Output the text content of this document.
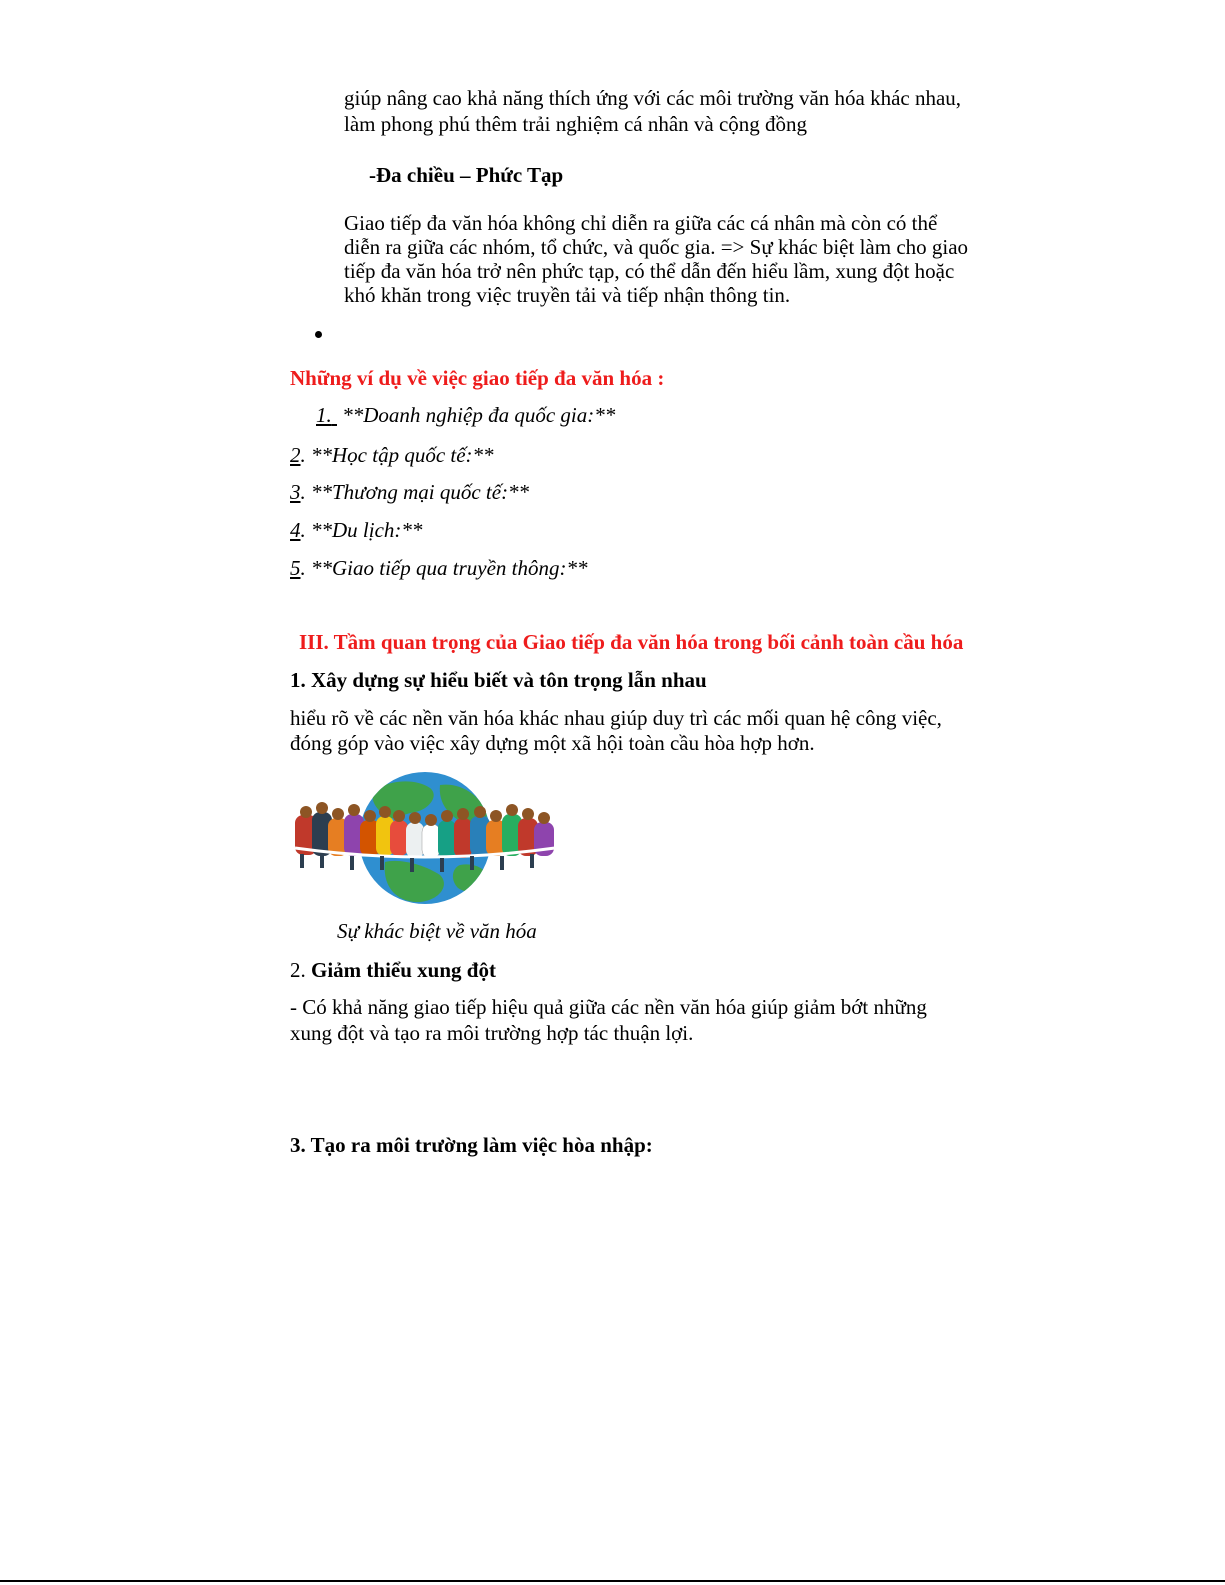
giúp nâng cao khả năng thích ứng với các môi trường văn hóa khác nhau,

làm phong phú thêm trải nghiệm cá nhân và cộng đồng

-Đa chiều – Phức Tạp

Giao tiếp đa văn hóa không chỉ diễn ra giữa các cá nhân mà còn có thể

diễn ra giữa các nhóm, tổ chức, và quốc gia. => Sự khác biệt làm cho giao

tiếp đa văn hóa trở nên phức tạp, có thể dẫn đến hiểu lầm, xung đột hoặc

khó khăn trong việc truyền tải và tiếp nhận thông tin.

Những ví dụ về việc giao tiếp đa văn hóa :

1.  **Doanh nghiệp đa quốc gia:**

2. **Học tập quốc tế:**

3. **Thương mại quốc tế:**

4. **Du lịch:**

5. **Giao tiếp qua truyền thông:**

III. Tầm quan trọng của Giao tiếp đa văn hóa trong bối cảnh toàn cầu hóa

1. Xây dựng sự hiểu biết và tôn trọng lẫn nhau

hiểu rõ về các nền văn hóa khác nhau giúp duy trì các mối quan hệ công việc,

đóng góp vào việc xây dựng một xã hội toàn cầu hòa hợp hơn.

Sự khác biệt về văn hóa

2. Giảm thiểu xung đột

- Có khả năng giao tiếp hiệu quả giữa các nền văn hóa giúp giảm bớt những

xung đột và tạo ra môi trường hợp tác thuận lợi.

3. Tạo ra môi trường làm việc hòa nhập:
